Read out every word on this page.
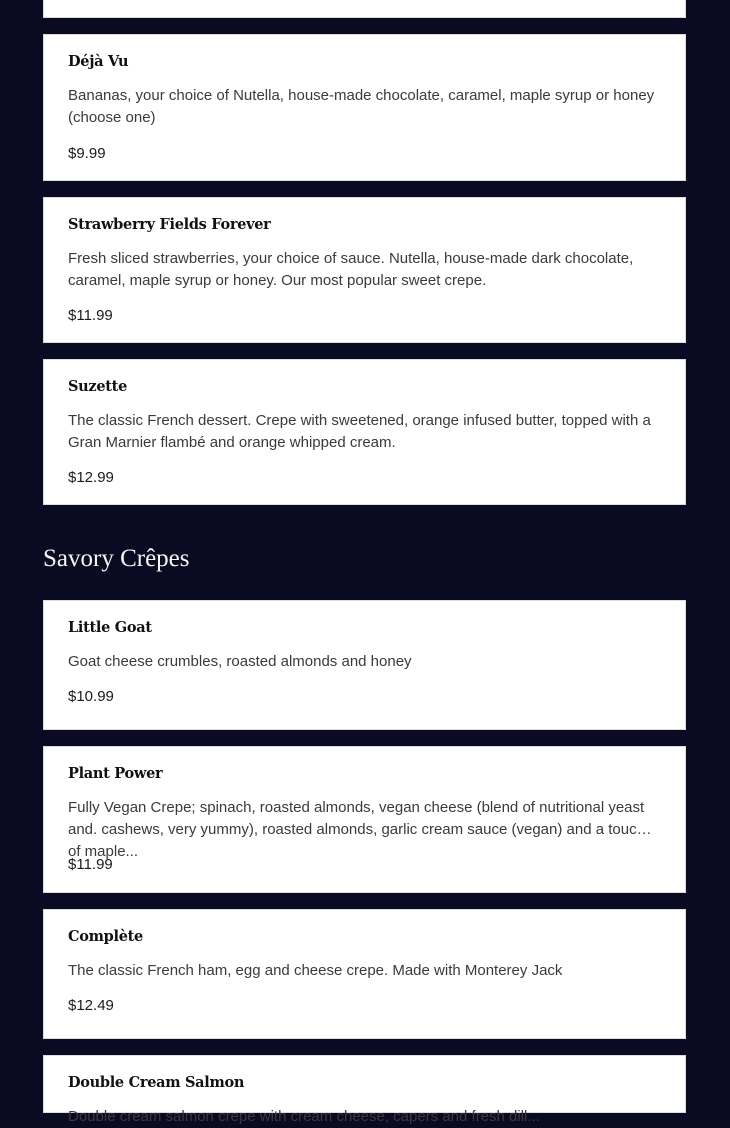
Déjà Vu
Bananas, your choice of Nutella, house-made chocolate, caramel, maple syrup or honey (choose one)
$9.99
Strawberry Fields Forever
Fresh sliced strawberries, your choice of sauce. Nutella, house-made dark chocolate, caramel, maple syrup or honey. Our most popular sweet crepe.
$11.99
Suzette
The classic French dessert. Crepe with sweetened, orange infused butter, topped with a Gran Marnier flambé and orange whipped cream.
$12.99
Savory Crêpes
Little Goat
Goat cheese crumbles, roasted almonds and honey
$10.99
Plant Power
Fully Vegan Crepe; spinach, roasted almonds, vegan cheese (blend of nutritional yeast and. cashews, very yummy), roasted almonds, garlic cream sauce (vegan) and a touch of maple...
$11.99
Complète
The classic French ham, egg and cheese crepe. Made with Monterey Jack
$12.49
Double Cream Salmon
Double cream salmon crepe with cream cheese, capers and fresh dill...
